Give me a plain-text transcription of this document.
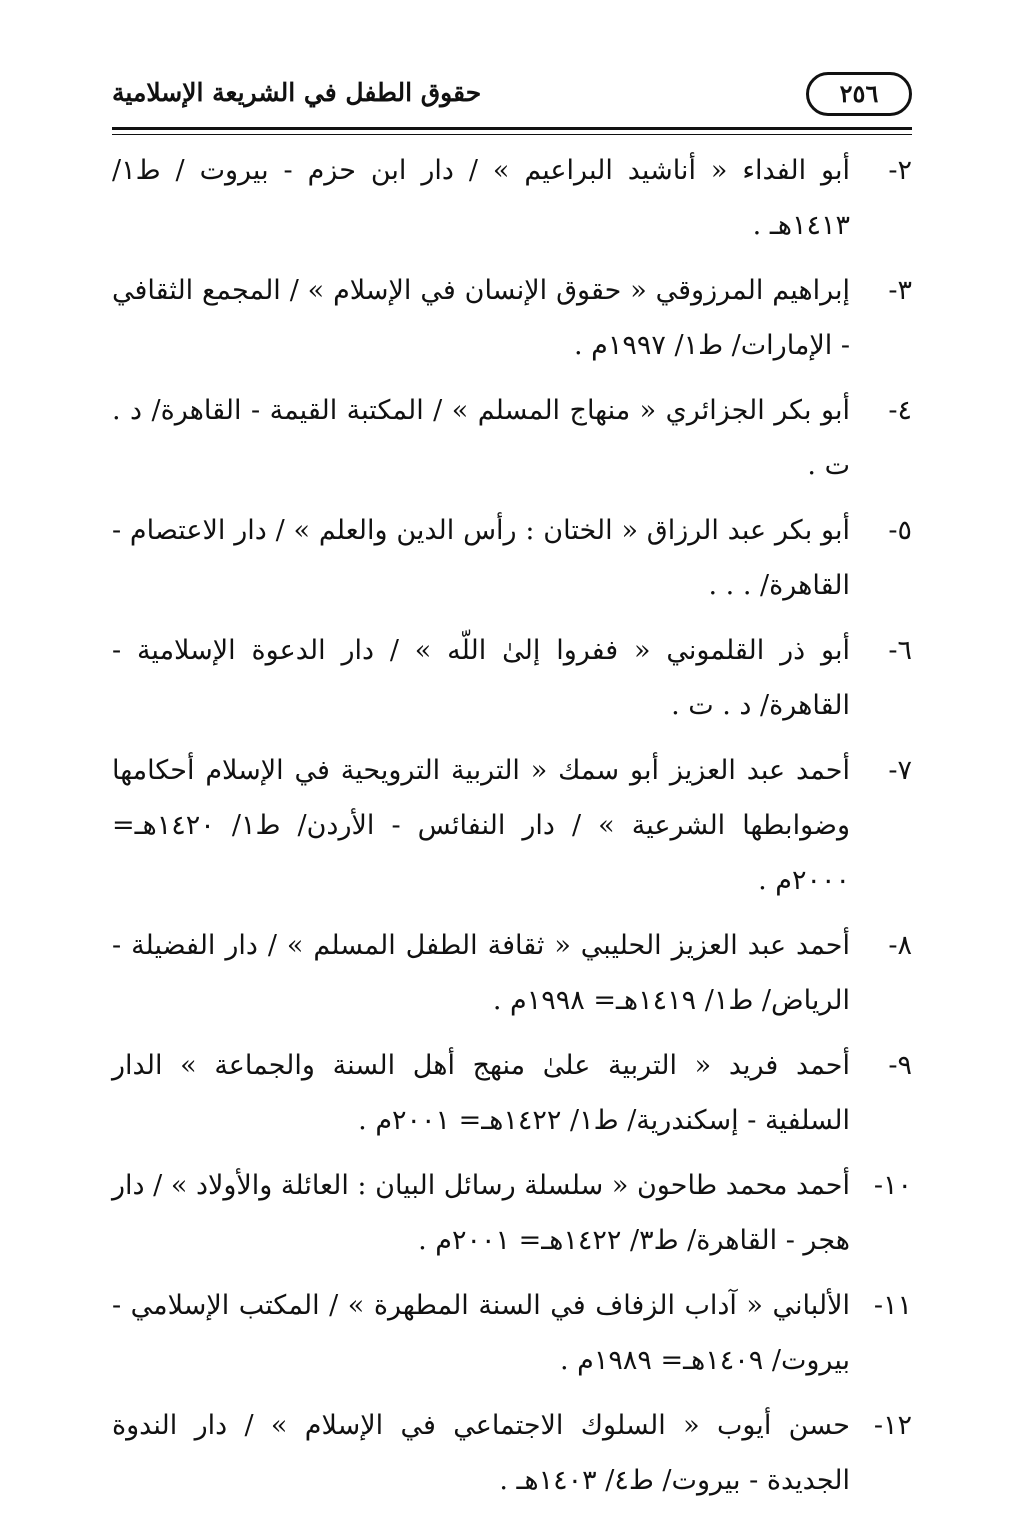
حقوق الطفل في الشريعة الإسلامية	٢٥٦
٢-
أبو الفداء « أناشيد البراعيم » / دار ابن حزم - بيروت / ط١/ ١٤١٣هـ .
٣-
إبراهيم المرزوقي « حقوق الإنسان في الإسلام » / المجمع الثقافي - الإمارات/ ط١/ ١٩٩٧م .
٤-
أبو بكر الجزائري « منهاج المسلم » / المكتبة القيمة - القاهرة/ د . ت .
٥-
أبو بكر عبد الرزاق « الختان : رأس الدين والعلم » / دار الاعتصام - القاهرة/ . . .
٦-
أبو ذر القلموني « ففروا إلىٰ اللّه » / دار الدعوة الإسلامية - القاهرة/ د . ت .
٧-
أحمد عبد العزيز أبو سمك « التربية الترويحية في الإسلام أحكامها وضوابطها الشرعية » / دار النفائس - الأردن/ ط١/ ١٤٢٠هـ= ٢٠٠٠م .
٨-
أحمد عبد العزيز الحليبي « ثقافة الطفل المسلم » / دار الفضيلة - الرياض/ ط١/ ١٤١٩هـ= ١٩٩٨م .
٩-
أحمد فريد « التربية علىٰ منهج أهل السنة والجماعة » الدار السلفية - إسكندرية/ ط١/ ١٤٢٢هـ= ٢٠٠١م .
١٠-
أحمد محمد طاحون « سلسلة رسائل البيان : العائلة والأولاد » / دار هجر - القاهرة/ ط٣/ ١٤٢٢هـ= ٢٠٠١م .
١١-
الألباني « آداب الزفاف في السنة المطهرة » / المكتب الإسلامي - بيروت/ ١٤٠٩هـ= ١٩٨٩م .
١٢-
حسن أيوب « السلوك الاجتماعي في الإسلام » / دار الندوة الجديدة - بيروت/ ط٤/ ١٤٠٣هـ .
